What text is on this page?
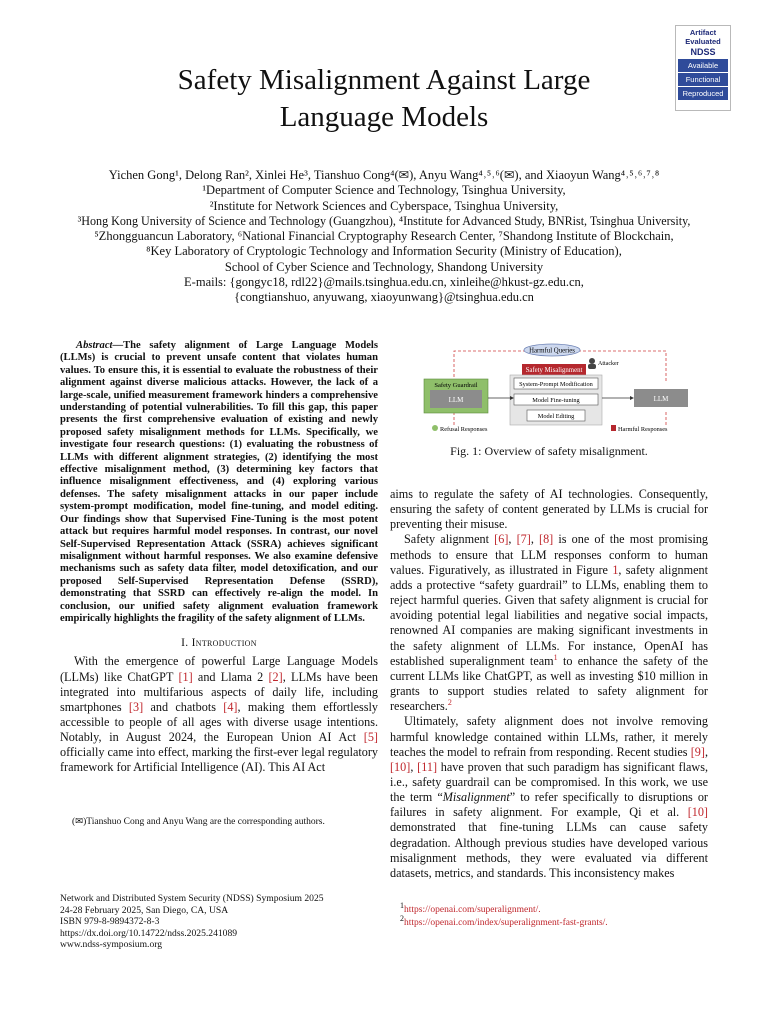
Artifact
Evaluated
NDSS
Available
Functional
Reproduced
Safety Misalignment Against Large
Language Models
Yichen Gong¹, Delong Ran², Xinlei He³, Tianshuo Cong⁴(✉), Anyu Wang⁴˒⁵˒⁶(✉), and Xiaoyun Wang⁴˒⁵˒⁶˒⁷˒⁸
¹Department of Computer Science and Technology, Tsinghua University,
²Institute for Network Sciences and Cyberspace, Tsinghua University,
³Hong Kong University of Science and Technology (Guangzhou), ⁴Institute for Advanced Study, BNRist, Tsinghua University,
⁵Zhongguancun Laboratory, ⁶National Financial Cryptography Research Center, ⁷Shandong Institute of Blockchain,
⁸Key Laboratory of Cryptologic Technology and Information Security (Ministry of Education),
School of Cyber Science and Technology, Shandong University
E-mails: {gongyc18, rdl22}@mails.tsinghua.edu.cn, xinleihe@hkust-gz.edu.cn,
{congtianshuo, anyuwang, xiaoyunwang}@tsinghua.edu.cn

Abstract—The safety alignment of Large Language Models (LLMs) is crucial to prevent unsafe content that violates human values. To ensure this, it is essential to evaluate the robustness of their alignment against diverse malicious attacks. However, the lack of a large-scale, unified measurement framework hinders a comprehensive understanding of potential vulnerabilities. To fill this gap, this paper presents the first comprehensive evaluation of existing and newly proposed safety misalignment methods for LLMs. Specifically, we investigate four research questions: (1) evaluating the robustness of LLMs with different alignment strategies, (2) identifying the most effective misalignment method, (3) determining key factors that influence misalignment effectiveness, and (4) exploring various defenses. The safety misalignment attacks in our paper include system-prompt modification, model fine-tuning, and model editing. Our findings show that Supervised Fine-Tuning is the most potent attack but requires harmful model responses. In contrast, our novel Self-Supervised Representation Attack (SSRA) achieves significant misalignment without harmful responses. We also examine defensive mechanisms such as safety data filter, model detoxification, and our proposed Self-Supervised Representation Defense (SSRD), demonstrating that SSRD can effectively re-align the model. In conclusion, our unified safety alignment evaluation framework empirically highlights the fragility of the safety alignment of LLMs.

I. Introduction

With the emergence of powerful Large Language Models (LLMs) like ChatGPT [1] and Llama 2 [2], LLMs have been integrated into multifarious aspects of daily life, including smartphones [3] and chatbots [4], making them effortlessly accessible to people of all ages with diverse usage intentions. Notably, in August 2024, the European Union AI Act [5] officially came into effect, marking the first-ever legal regulatory framework for Artificial Intelligence (AI). This AI Act

(✉)Tianshuo Cong and Anyu Wang are the corresponding authors.
Network and Distributed System Security (NDSS) Symposium 2025
24-28 February 2025, San Diego, CA, USA
ISBN 979-8-9894372-8-3
https://dx.doi.org/10.14722/ndss.2025.241089
www.ndss-symposium.org
Harmful Queries
Attacker
Safety Misalignment
System-Prompt Modification
Model Fine-tuning
Model Editing
Safety Guardrail
LLM	LLM
Refusal Responses	Harmful Responses
Fig. 1: Overview of safety misalignment.

aims to regulate the safety of AI technologies. Consequently, ensuring the safety of content generated by LLMs is crucial for preventing their misuse.

Safety alignment [6], [7], [8] is one of the most promising methods to ensure that LLM responses conform to human values. Figuratively, as illustrated in Figure 1, safety alignment adds a protective “safety guardrail” to LLMs, enabling them to reject harmful queries. Given that safety alignment is crucial for avoiding potential legal liabilities and negative social impacts, renowned AI companies are making significant investments in the safety alignment of LLMs. For instance, OpenAI has established superalignment team$^1$ to enhance the safety of the current LLMs like ChatGPT, as well as investing $10 million in grants to support studies related to safety alignment for researchers.$^2$

Ultimately, safety alignment does not involve removing harmful knowledge contained within LLMs, rather, it merely teaches the model to refrain from responding. Recent studies [9], [10], [11] have proven that such paradigm has significant flaws, i.e., safety guardrail can be compromised. In this work, we use the term “Misalignment” to refer specifically to disruptions or failures in safety alignment. For example, Qi et al. [10] demonstrated that fine-tuning LLMs can cause safety degradation. Although previous studies have developed various misalignment methods, they were evaluated via different datasets, metrics, and standards. This inconsistency makes

$^1$https://openai.com/superalignment/.
$^2$https://openai.com/index/superalignment-fast-grants/.
